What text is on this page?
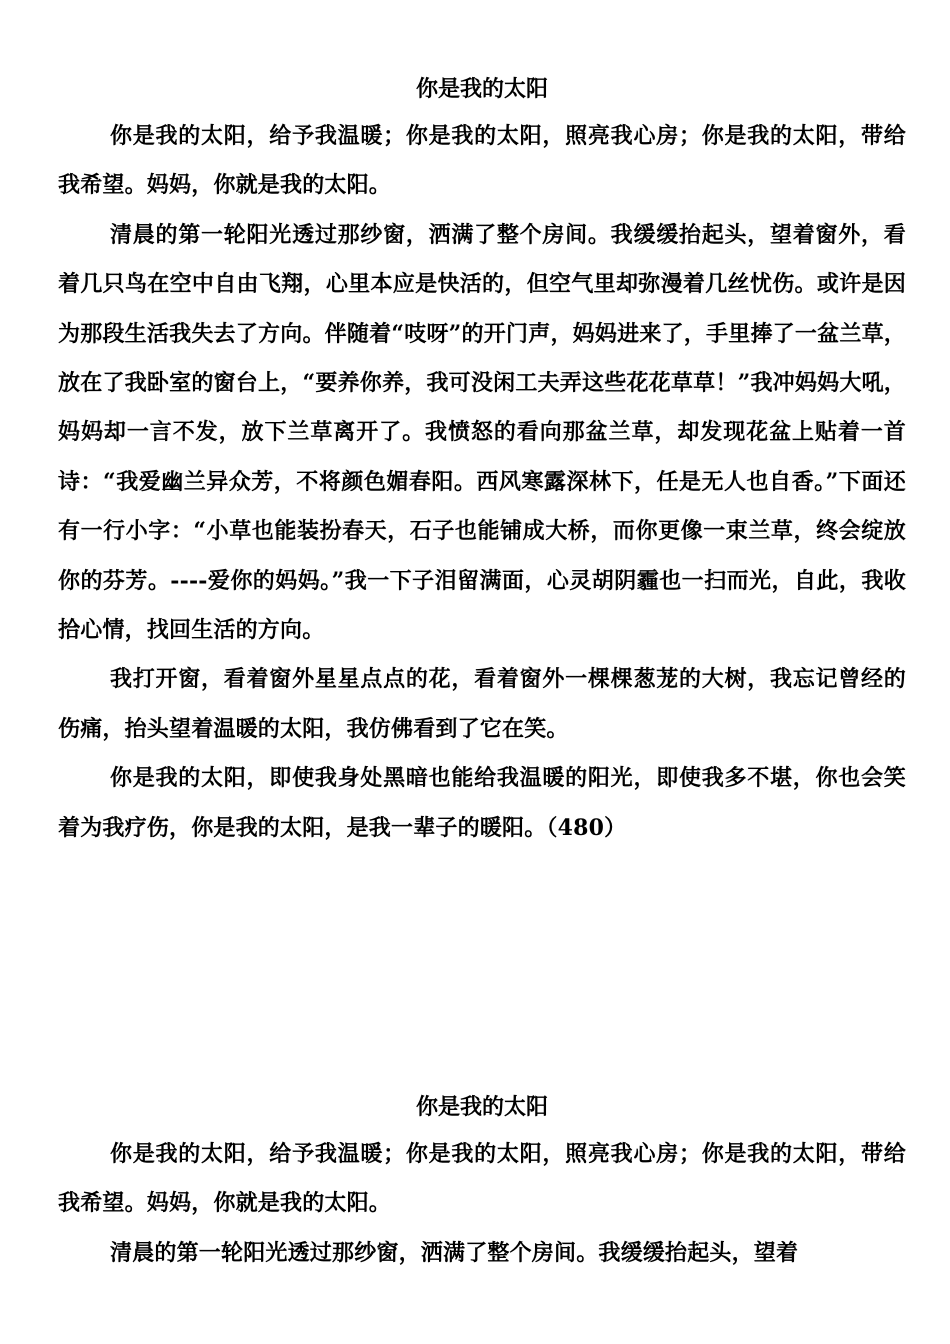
你是我的太阳

你是我的太阳，给予我温暖；你是我的太阳，照亮我心房；你是我的太阳，带给我希望。妈妈，你就是我的太阳。

清晨的第一轮阳光透过那纱窗，洒满了整个房间。我缓缓抬起头，望着窗外，看着几只鸟在空中自由飞翔，心里本应是快活的，但空气里却弥漫着几丝忧伤。或许是因为那段生活我失去了方向。伴随着“吱呀”的开门声，妈妈进来了，手里捧了一盆兰草，放在了我卧室的窗台上，“要养你养，我可没闲工夫弄这些花花草草！”我冲妈妈大吼，妈妈却一言不发，放下兰草离开了。我愤怒的看向那盆兰草，却发现花盆上贴着一首诗：“我爱幽兰异众芳，不将颜色媚春阳。西风寒露深林下，任是无人也自香。”下面还有一行小字：“小草也能装扮春天，石子也能铺成大桥，而你更像一束兰草，终会绽放你的芬芳。----爱你的妈妈。”我一下子泪留满面，心灵胡阴霾也一扫而光，自此，我收拾心情，找回生活的方向。

我打开窗，看着窗外星星点点的花，看着窗外一棵棵葱茏的大树，我忘记曾经的伤痛，抬头望着温暖的太阳，我仿佛看到了它在笑。

你是我的太阳，即使我身处黑暗也能给我温暖的阳光，即使我多不堪，你也会笑着为我疗伤，你是我的太阳，是我一辈子的暖阳。（480）

你是我的太阳

你是我的太阳，给予我温暖；你是我的太阳，照亮我心房；你是我的太阳，带给我希望。妈妈，你就是我的太阳。

清晨的第一轮阳光透过那纱窗，洒满了整个房间。我缓缓抬起头，望着
